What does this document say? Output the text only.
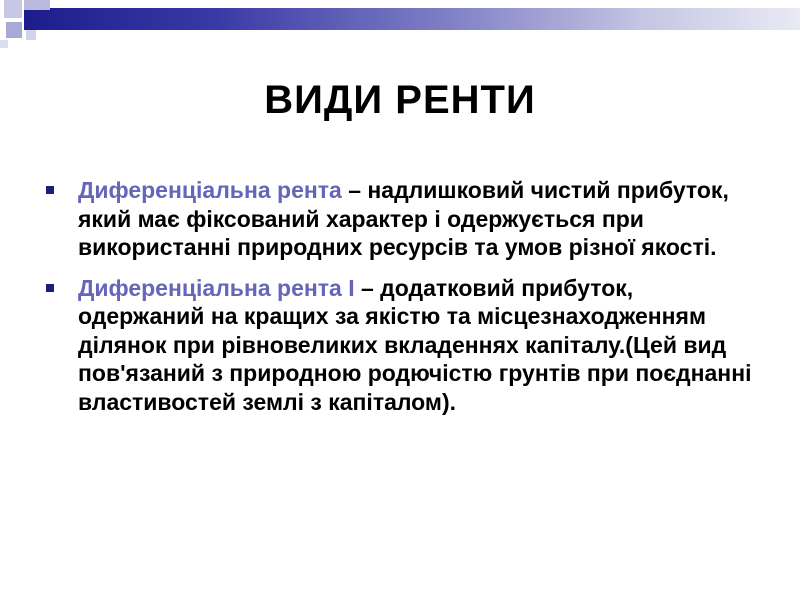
ВИДИ РЕНТИ
Диференціальна рента – надлишковий чистий прибуток, який має фіксований характер і одержується при використанні природних ресурсів та умов різної якості.
Диференціальна рента І – додатковий прибуток, одержаний на кращих за якістю та місцезнаходженням ділянок при рівновеликих вкладеннях капіталу.(Цей вид пов'язаний з природною родючістю грунтів при поєднанні властивостей землі з капіталом).
